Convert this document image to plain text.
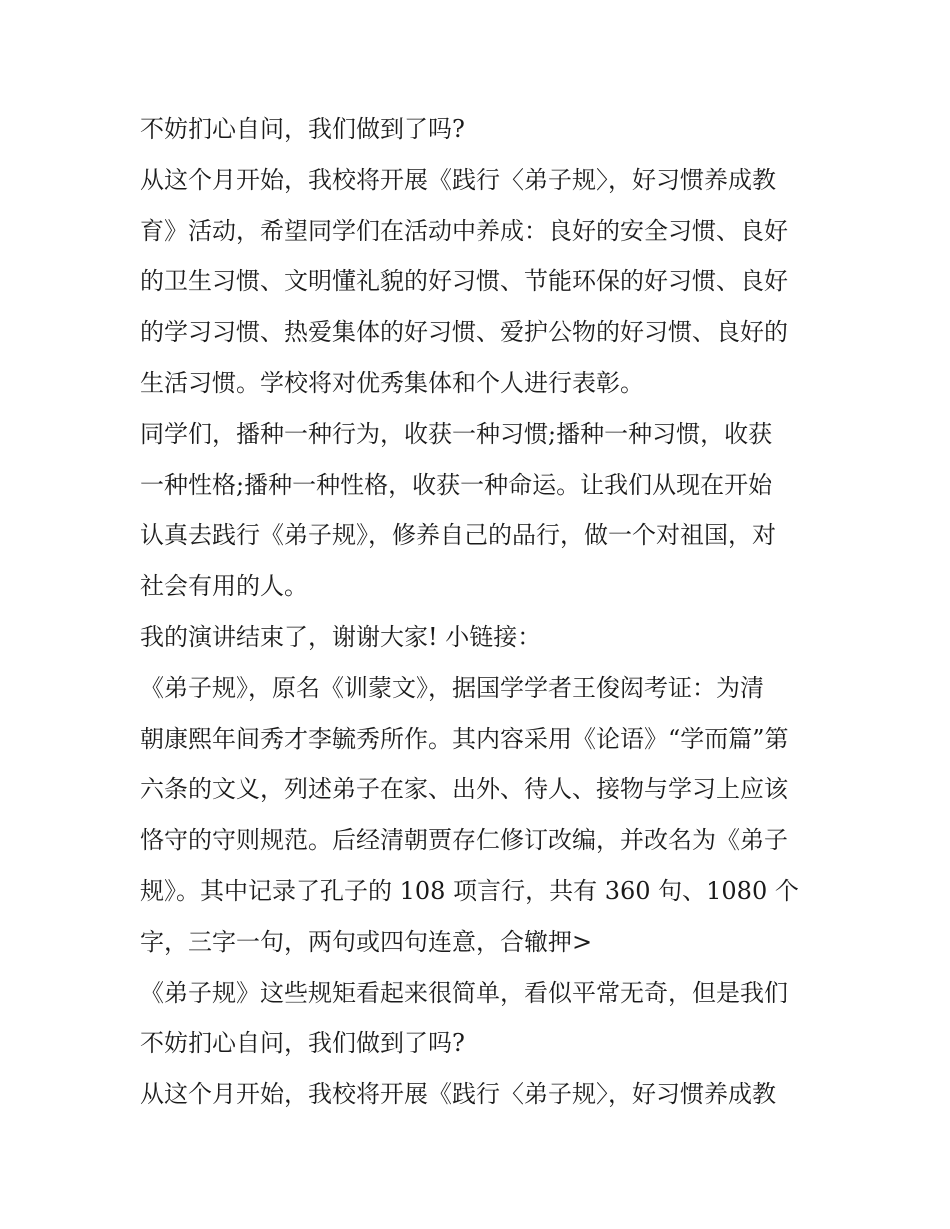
不妨扪心自问，我们做到了吗?
从这个月开始，我校将开展《践行〈弟子规〉，好习惯养成教
育》活动，希望同学们在活动中养成：良好的安全习惯、良好
的卫生习惯、文明懂礼貌的好习惯、节能环保的好习惯、良好
的学习习惯、热爱集体的好习惯、爱护公物的好习惯、良好的
生活习惯。学校将对优秀集体和个人进行表彰。
同学们，播种一种行为，收获一种习惯;播种一种习惯，收获
一种性格;播种一种性格，收获一种命运。让我们从现在开始
认真去践行《弟子规》，修养自己的品行，做一个对祖国，对
社会有用的人。
我的演讲结束了，谢谢大家! 小链接：
《弟子规》，原名《训蒙文》，据国学学者王俊闳考证：为清
朝康熙年间秀才李毓秀所作。其内容采用《论语》“学而篇”第
六条的文义，列述弟子在家、出外、待人、接物与学习上应该
恪守的守则规范。后经清朝贾存仁修订改编，并改名为《弟子
规》。其中记录了孔子的 108 项言行，共有 360 句、1080 个
字，三字一句，两句或四句连意，合辙押>
《弟子规》这些规矩看起来很简单，看似平常无奇，但是我们
不妨扪心自问，我们做到了吗?
从这个月开始，我校将开展《践行〈弟子规〉，好习惯养成教
